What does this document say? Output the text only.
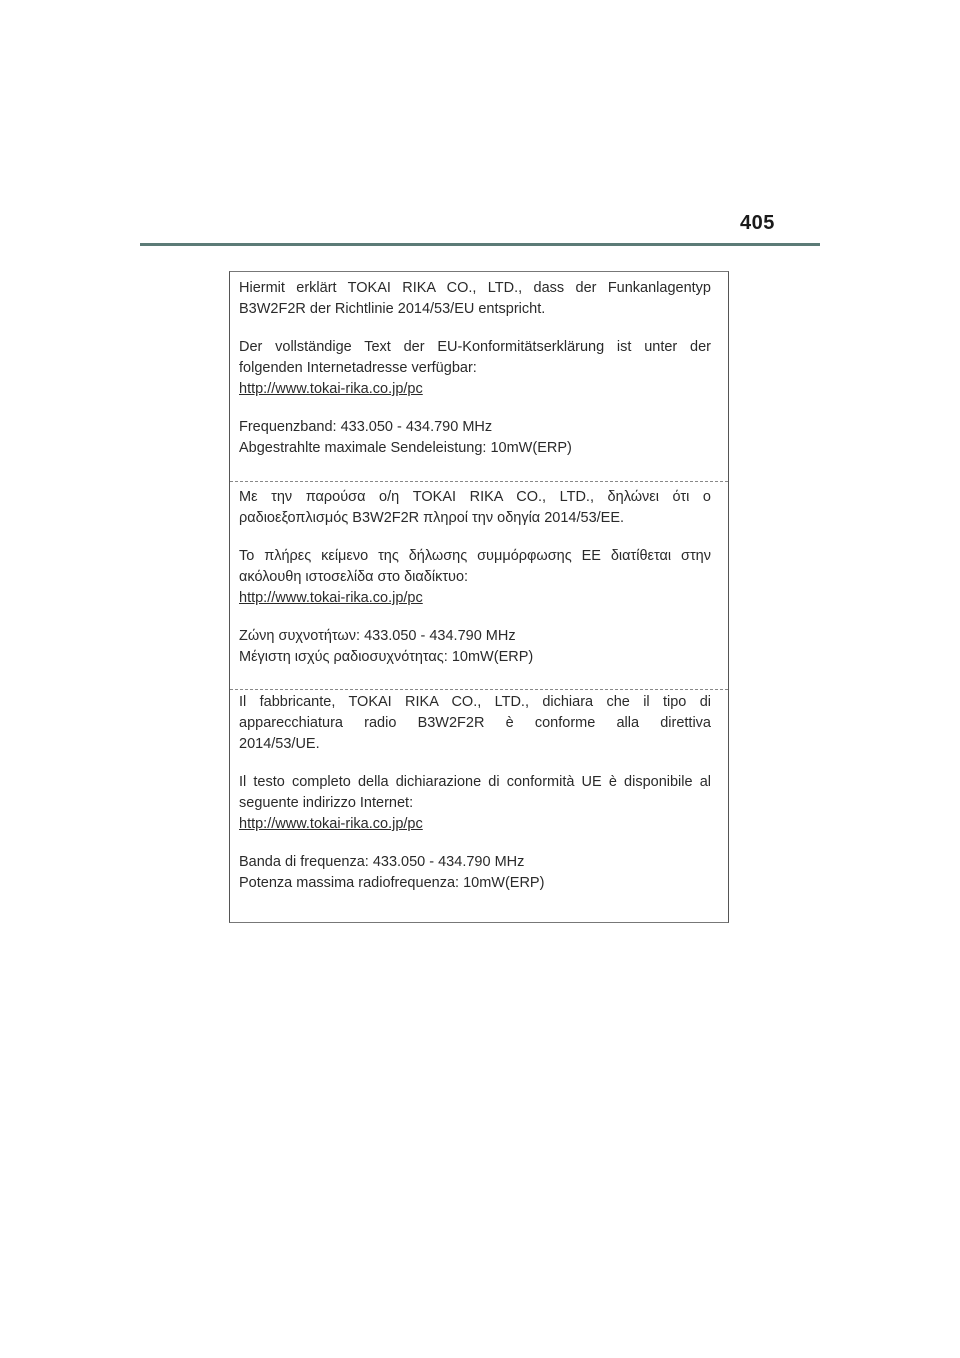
405

Hiermit erklärt TOKAI RIKA CO., LTD., dass der Funkanlagentyp
B3W2F2R der Richtlinie 2014/53/EU entspricht.

Der vollständige Text der EU-Konformitätserklärung ist unter der
folgenden Internetadresse verfügbar:
http://www.tokai-rika.co.jp/pc

Frequenzband: 433.050 - 434.790 MHz
Abgestrahlte maximale Sendeleistung: 10mW(ERP)

Με την παρούσα ο/η TOKAI RIKA CO., LTD., δηλώνει ότι ο
ραδιοεξοπλισμός B3W2F2R πληροί την οδηγία 2014/53/ΕΕ.

Το πλήρες κείμενο της δήλωσης συμμόρφωσης ΕΕ διατίθεται στην
ακόλουθη ιστοσελίδα στο διαδίκτυο:
http://www.tokai-rika.co.jp/pc

Ζώνη συχνοτήτων: 433.050 - 434.790 MHz
Μέγιστη ισχύς ραδιοσυχνότητας: 10mW(ERP)

Il fabbricante, TOKAI RIKA CO., LTD., dichiara che il tipo di
apparecchiatura radio B3W2F2R è conforme alla direttiva
2014/53/UE.

Il testo completo della dichiarazione di conformità UE è disponibile al
seguente indirizzo Internet:
http://www.tokai-rika.co.jp/pc

Banda di frequenza: 433.050 - 434.790 MHz
Potenza massima radiofrequenza: 10mW(ERP)
